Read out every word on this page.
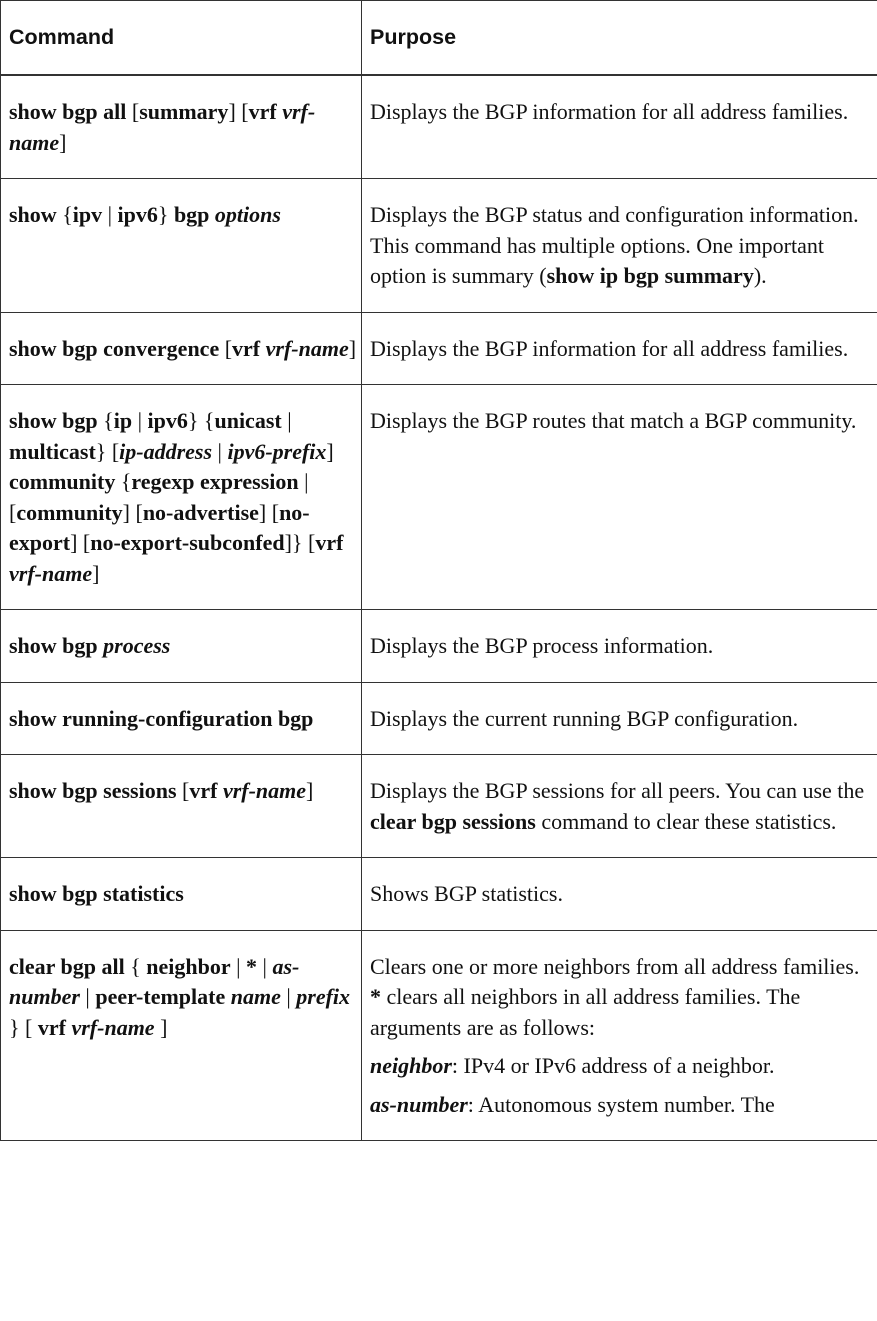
Command	Purpose
show bgp all [summary] [vrf vrf-name]	Displays the BGP information for all address families.

show {ipv | ipv6} bgp options	Displays the BGP status and configuration information. This command has multiple options. One important option is summary (show ip bgp summary).

show bgp convergence [vrf vrf-name]	Displays the BGP information for all address families.

show bgp {ip | ipv6} {unicast | multicast} [ip-address | ipv6-prefix] community {regexp expression | [community] [no-advertise] [no-export] [no-export-subconfed]} [vrf vrf-name]	Displays the BGP routes that match a BGP community.

show bgp process	Displays the BGP process information.

show running-configuration bgp	Displays the current running BGP configuration.

show bgp sessions [vrf vrf-name]	Displays the BGP sessions for all peers. You can use the clear bgp sessions command to clear these statistics.

show bgp statistics	Shows BGP statistics.

clear bgp all { neighbor | * | as-number | peer-template name | prefix } [ vrf vrf-name ]	Clears one or more neighbors from all address families. * clears all neighbors in all address families. The arguments are as follows:

neighbor: IPv4 or IPv6 address of a neighbor.

as-number: Autonomous system number. The
